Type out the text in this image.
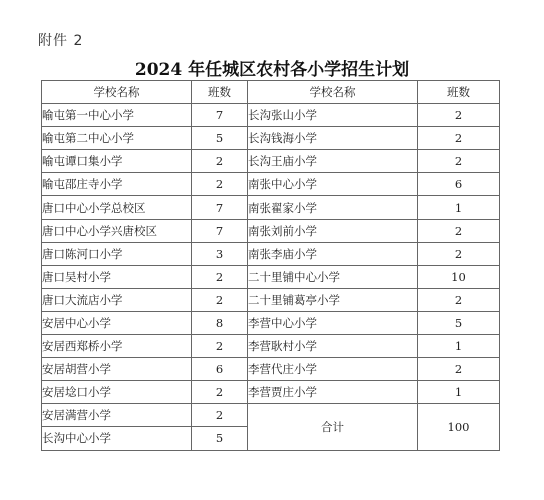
附件 2
2024 年任城区农村各小学招生计划
学校名称	班数	学校名称	班数
喻屯第一中心小学	7	长沟张山小学	2
喻屯第二中心小学	5	长沟钱海小学	2
喻屯谭口集小学	2	长沟王庙小学	2
喻屯邵庄寺小学	2	南张中心小学	6
唐口中心小学总校区	7	南张翟家小学	1
唐口中心小学兴唐校区	7	南张刘前小学	2
唐口陈河口小学	3	南张李庙小学	2
唐口吴村小学	2	二十里铺中心小学	10
唐口大流店小学	2	二十里铺葛亭小学	2
安居中心小学	8	李营中心小学	5
安居西郑桥小学	2	李营耿村小学	1
安居胡营小学	6	李营代庄小学	2
安居埝口小学	2	李营贾庄小学	1
安居满营小学	2	合计	100
长沟中心小学	5		
